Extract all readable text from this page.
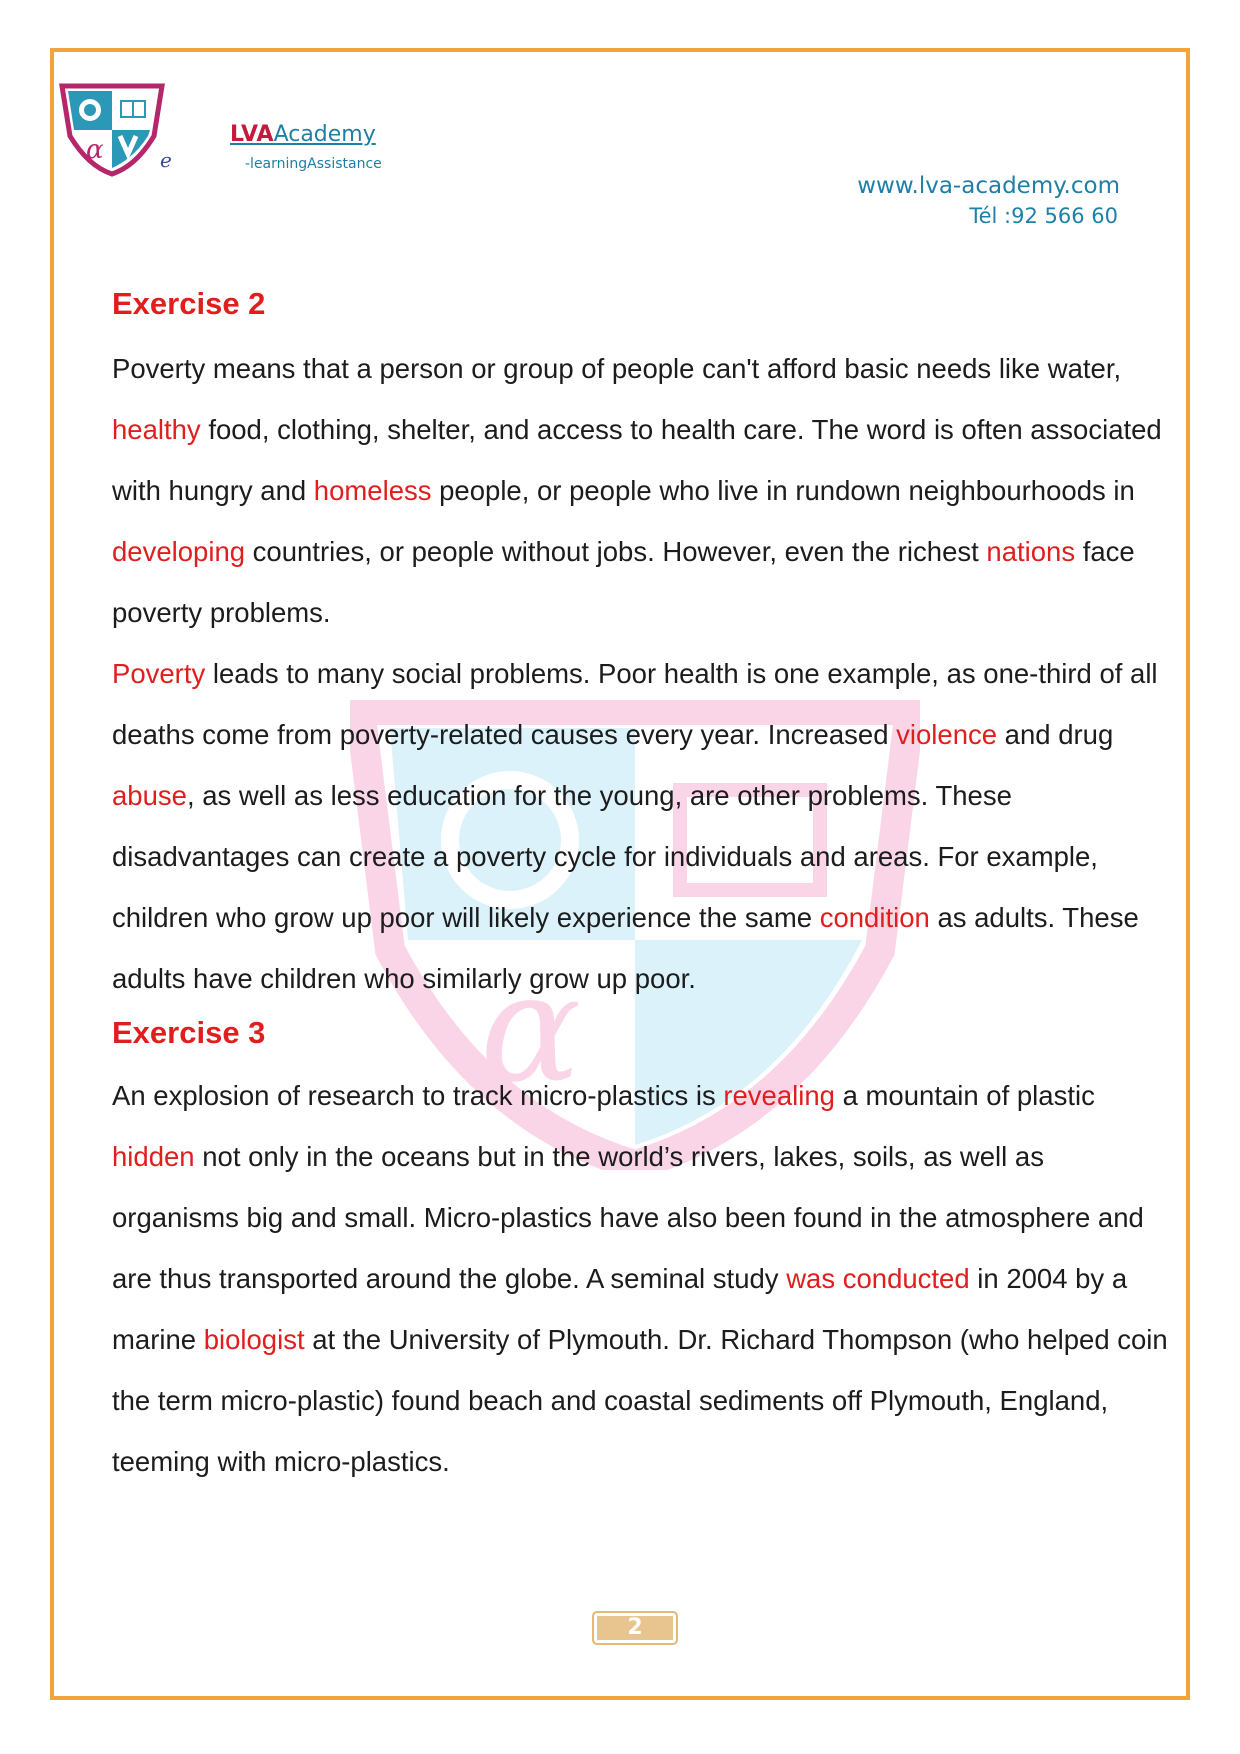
α	e
LVAAcademy
-learningAssistance
www.lva-academy.com
Tél :92 566 60
α

Exercise 2

Poverty means that a person or group of people can't afford basic needs like water, healthy food, clothing, shelter, and access to health care. The word is often associated with hungry and homeless people, or people who live in rundown neighbourhoods in developing countries, or people without jobs. However, even the richest nations face poverty problems.

Poverty leads to many social problems. Poor health is one example, as one-third of all deaths come from poverty-related causes every year. Increased violence and drug abuse, as well as less education for the young, are other problems. These disadvantages can create a poverty cycle for individuals and areas. For example, children who grow up poor will likely experience the same condition as adults. These adults have children who similarly grow up poor.

Exercise 3

An explosion of research to track micro-plastics is revealing a mountain of plastic hidden not only in the oceans but in the world’s rivers, lakes, soils, as well as organisms big and small. Micro-plastics have also been found in the atmosphere and are thus transported around the globe. A seminal study was conducted in 2004 by a marine biologist at the University of Plymouth. Dr. Richard Thompson (who helped coin the term micro-plastic) found beach and coastal sediments off Plymouth, England, teeming with micro-plastics.

2
